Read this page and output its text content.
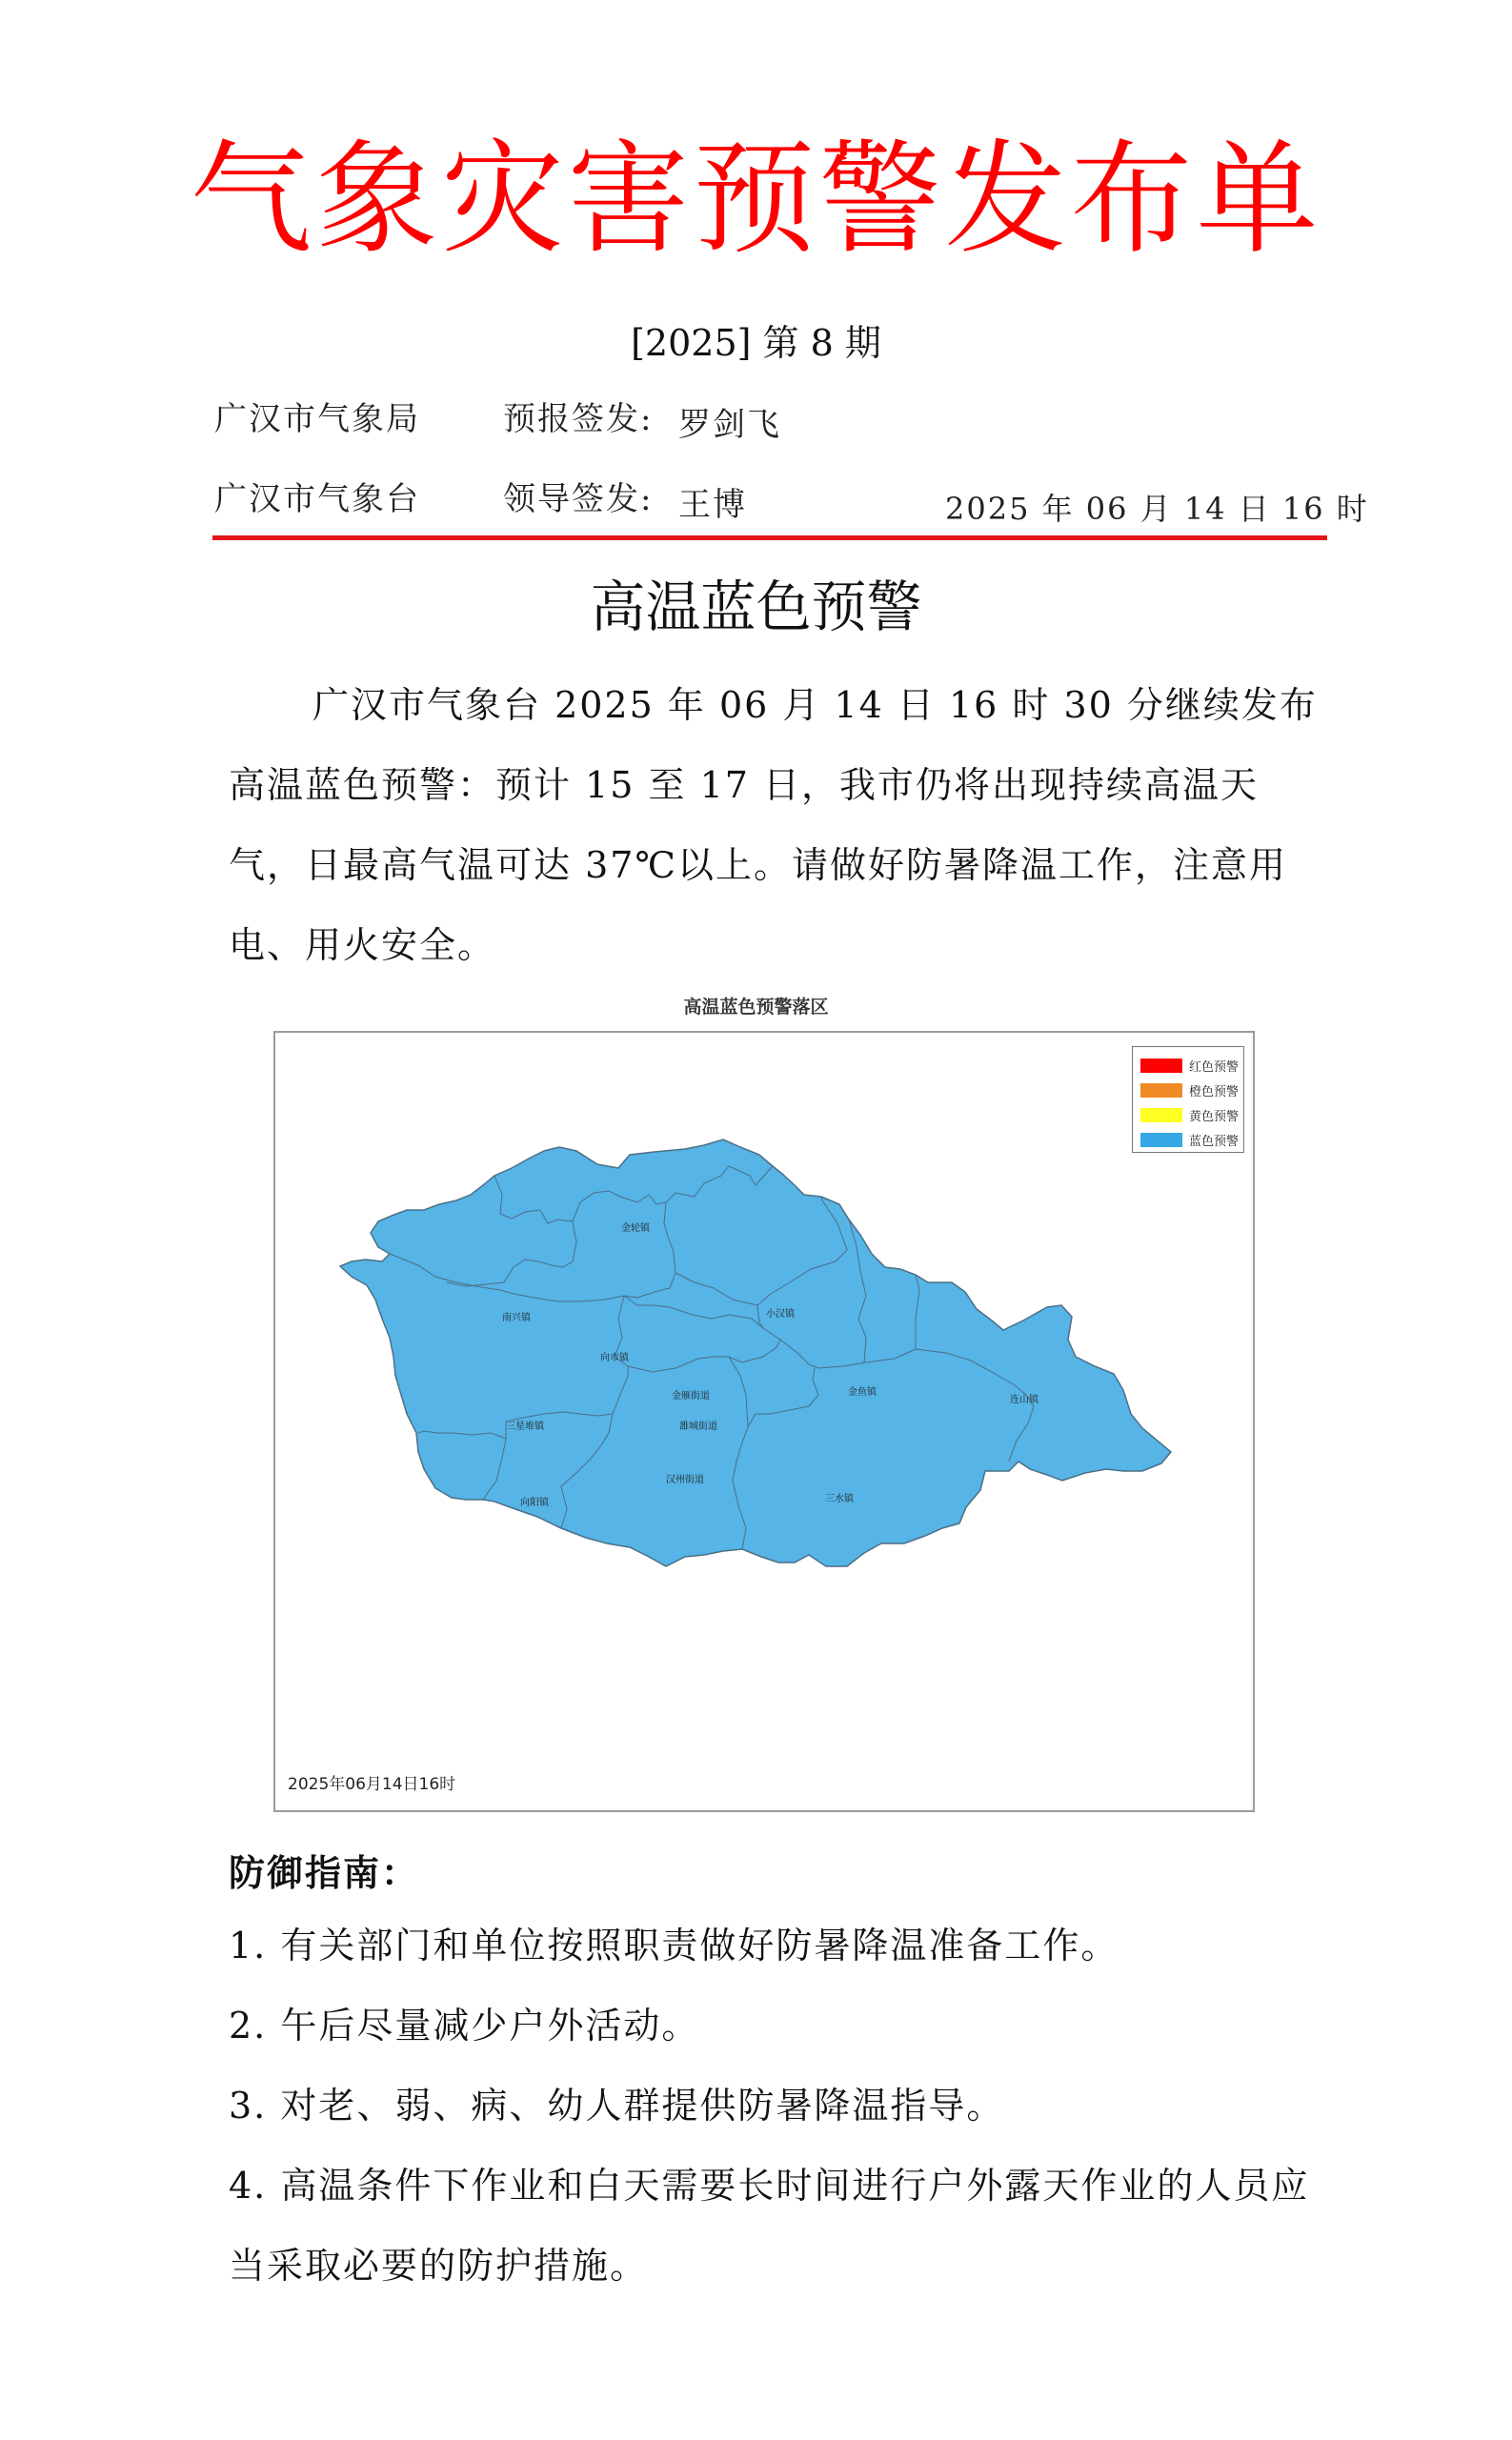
气象灾害预警发布单
[2025] 第 8 期
广汉市气象局	预报签发: 罗剑飞
广汉市气象台	领导签发: 王博	2025 年 06 月 14 日 16 时
高温蓝色预警
广汉市气象台 2025 年 06 月 14 日 16 时 30 分继续发布高温蓝色预警：预计 15 至 17 日，我市仍将出现持续高温天气，日最高气温可达 37℃以上。请做好防暑降温工作，注意用电、用火安全。
高温蓝色预警落区
金轮镇
南兴镇	小汉镇
向市镇
金雁街道	连山镇
金鱼镇
三星堆镇	雒城街道
汉州街道
向阳镇	三水镇
红色预警
橙色预警
黄色预警
蓝色预警
2025年06月14日16时
防御指南：
1. 有关部门和单位按照职责做好防暑降温准备工作。
2. 午后尽量减少户外活动。
3. 对老、弱、病、幼人群提供防暑降温指导。
4. 高温条件下作业和白天需要长时间进行户外露天作业的人员应当采取必要的防护措施。
